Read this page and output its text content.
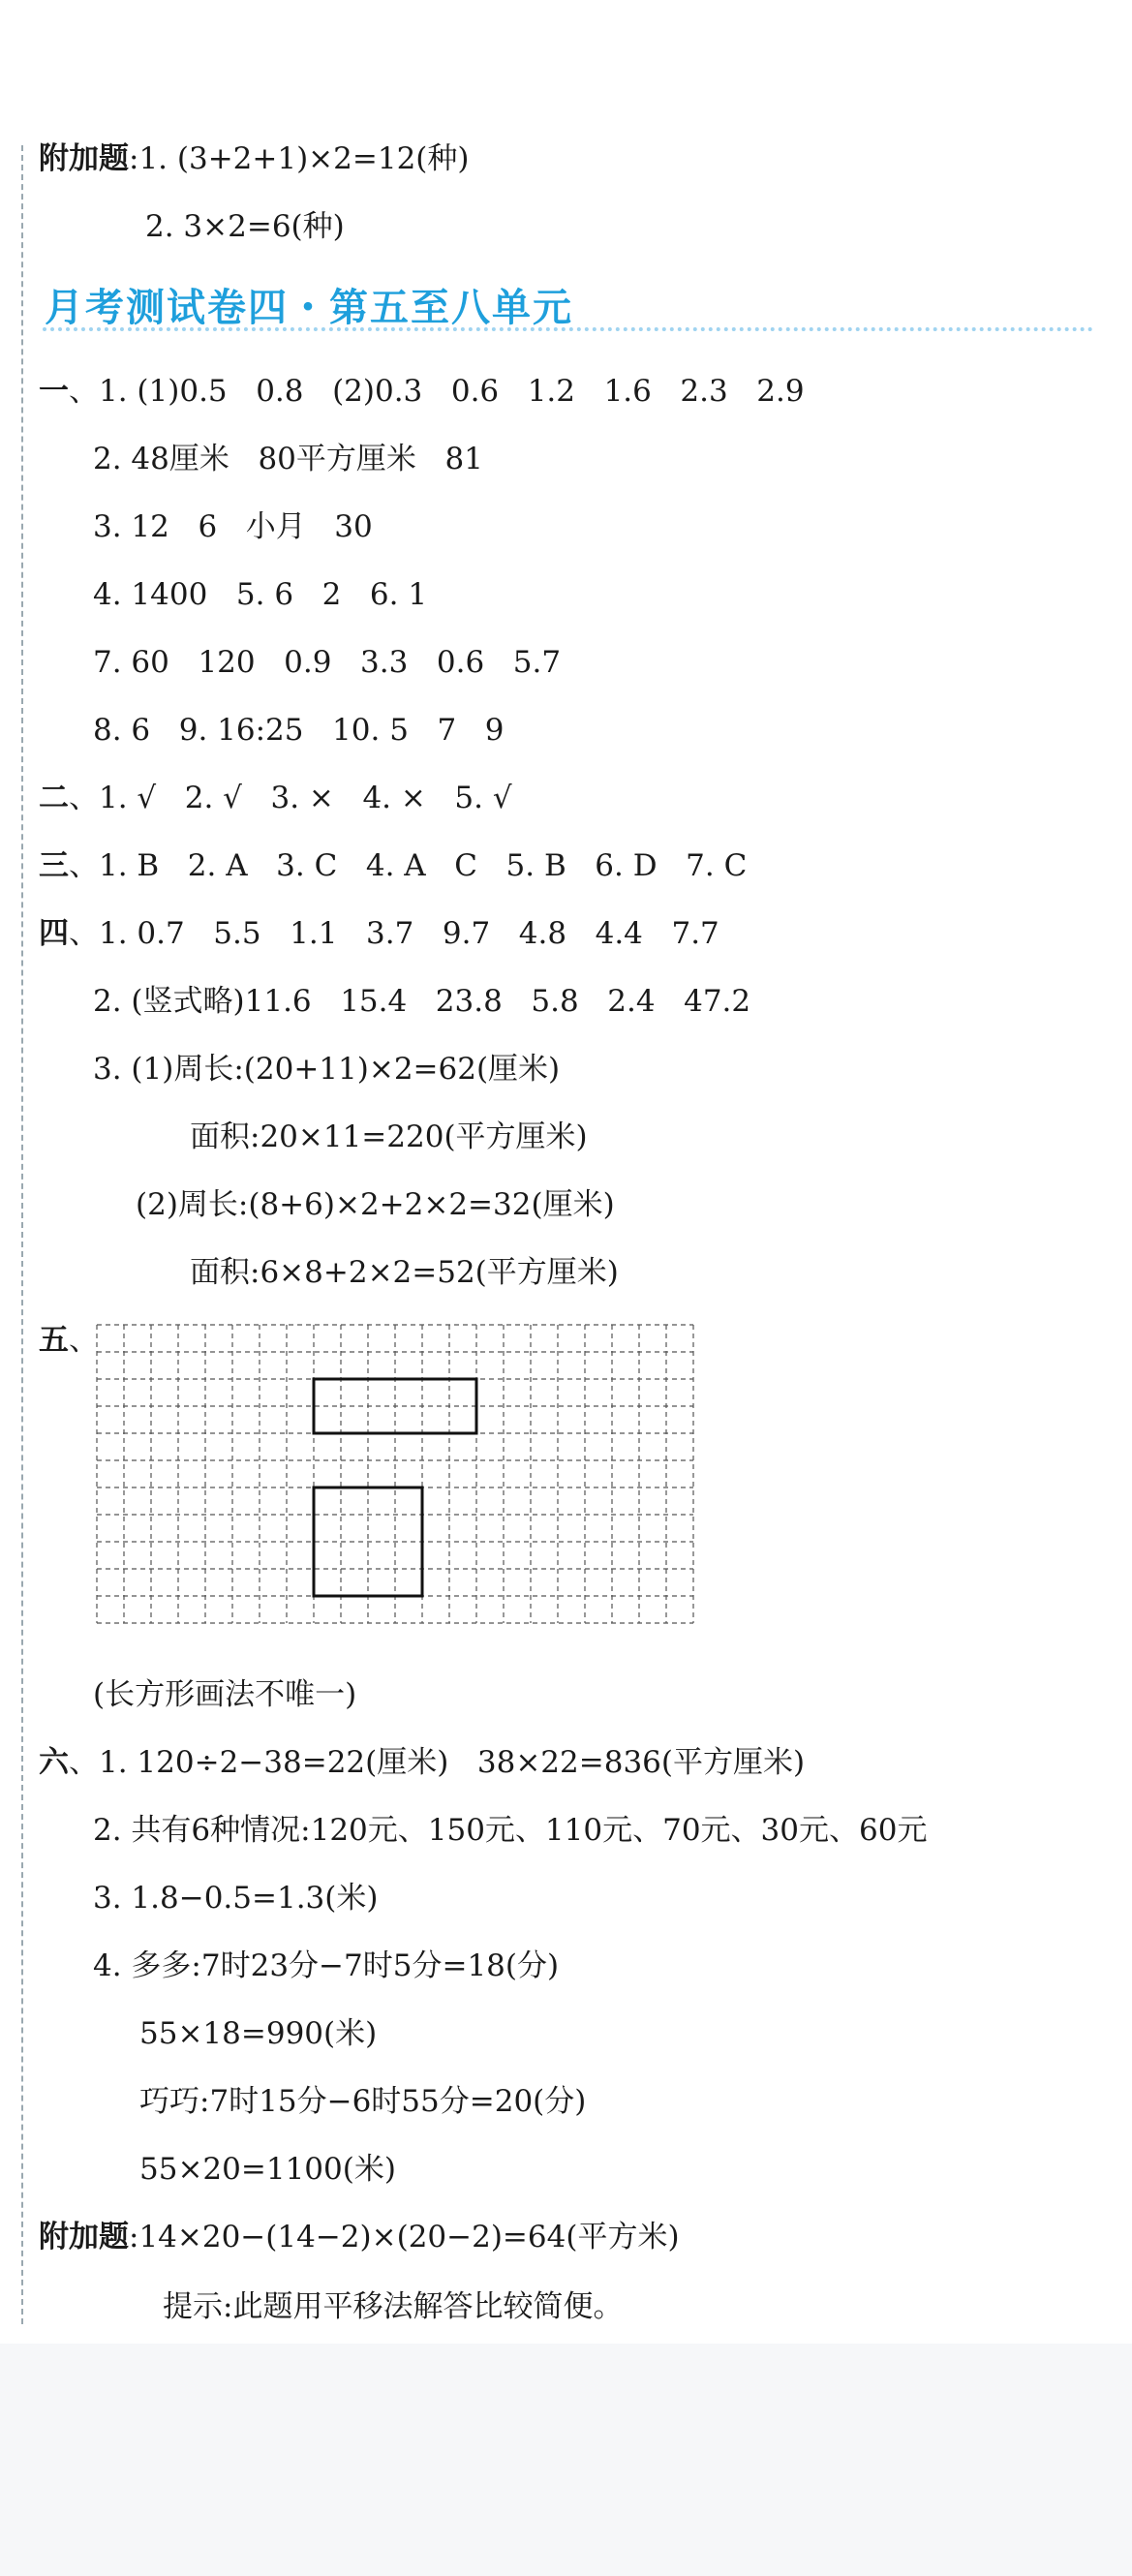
附加题:1. (3+2+1)×2=12(种)
2. 3×2=6(种)
月考测试卷四・第五至八单元
一、1. (1)0.5   0.8   (2)0.3   0.6   1.2   1.6   2.3   2.9
2. 48厘米   80平方厘米   81
3. 12   6   小月   30
4. 1400   5. 6   2   6. 1
7. 60   120   0.9   3.3   0.6   5.7
8. 6   9. 16:25   10. 5   7   9
二、1. √   2. √   3. ×   4. ×   5. √
三、1. B   2. A   3. C   4. A   C   5. B   6. D   7. C
四、1. 0.7   5.5   1.1   3.7   9.7   4.8   4.4   7.7
2. (竖式略)11.6   15.4   23.8   5.8   2.4   47.2
3. (1)周长:(20+11)×2=62(厘米)
面积:20×11=220(平方厘米)
(2)周长:(8+6)×2+2×2=32(厘米)
面积:6×8+2×2=52(平方厘米)
五、
(长方形画法不唯一)
六、1. 120÷2−38=22(厘米)   38×22=836(平方厘米)
2. 共有6种情况:120元、150元、110元、70元、30元、60元
3. 1.8−0.5=1.3(米)
4. 多多:7时23分−7时5分=18(分)
55×18=990(米)
巧巧:7时15分−6时55分=20(分)
55×20=1100(米)
附加题:14×20−(14−2)×(20−2)=64(平方米)
提示:此题用平移法解答比较简便。
